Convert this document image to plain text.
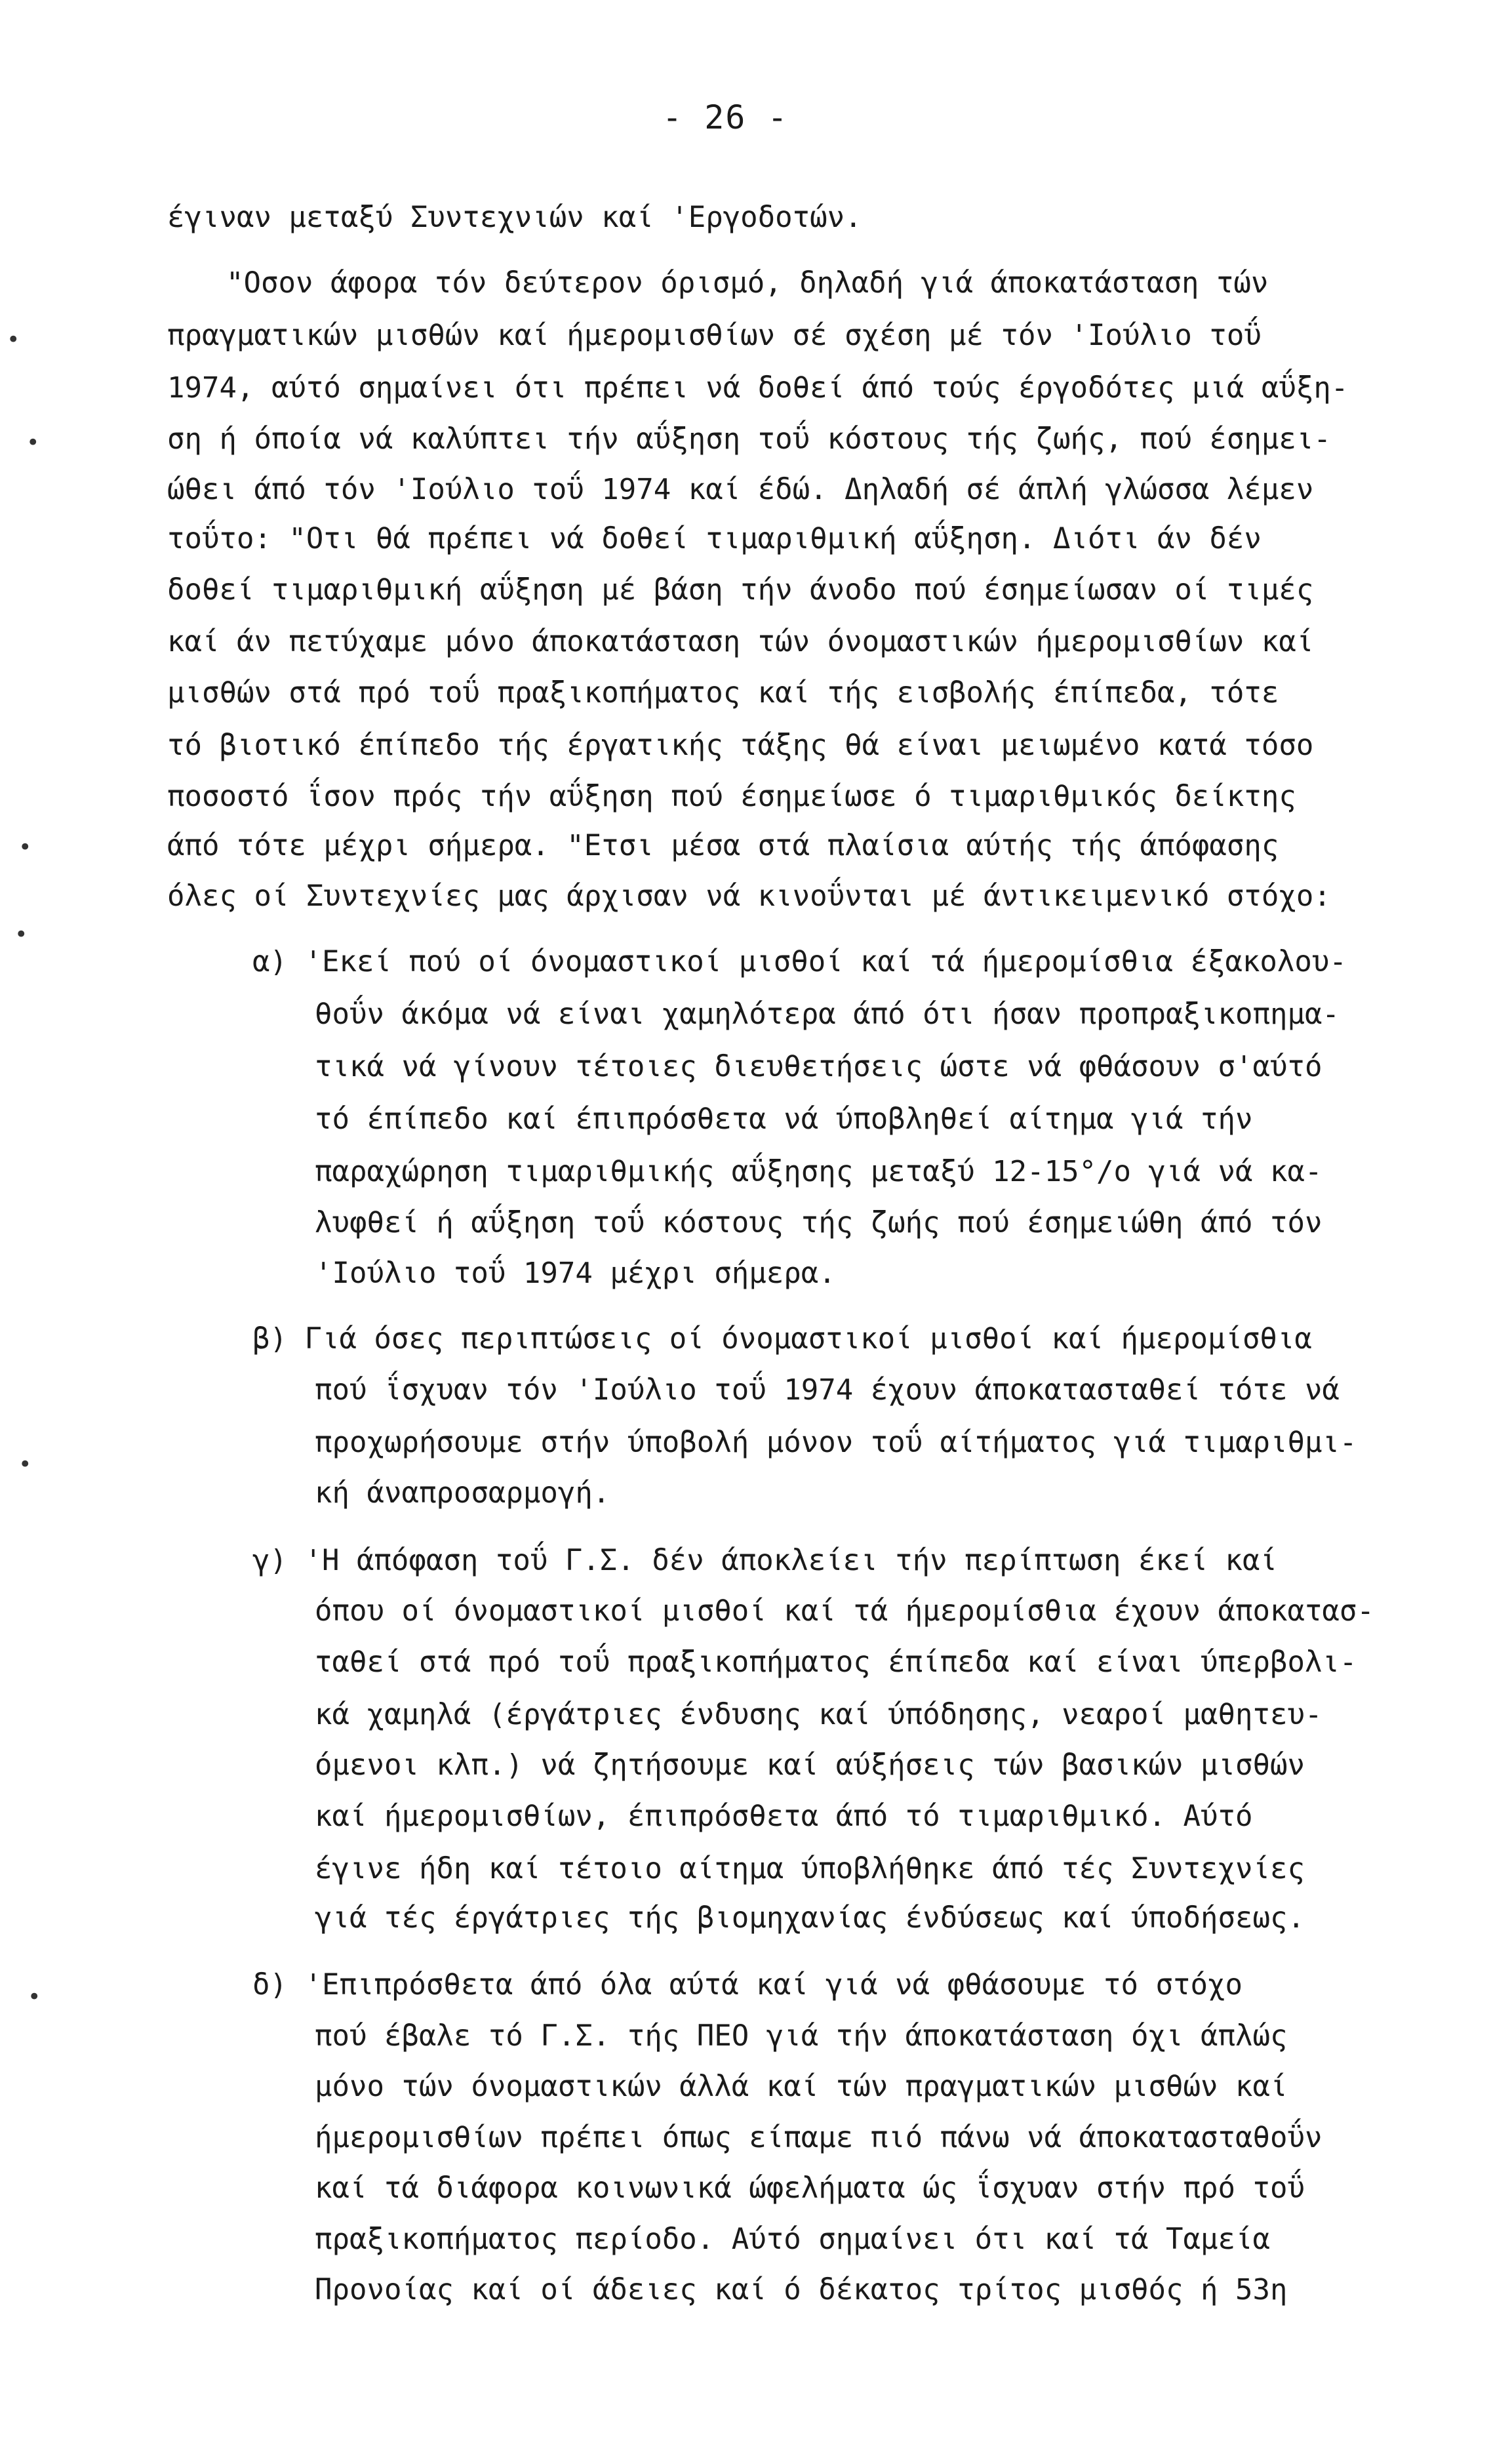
- 26 -
έγιναν μεταξύ Συντεχνιών καί 'Εργοδοτών.
"Οσον άφορα τόν δεύτερον όρισμό, δηλαδή γιά άποκατάσταση τών
πραγματικών μισθών καί ήμερομισθίων σέ σχέση μέ τόν 'Ιούλιο τοΰ
1974, αύτό σημαίνει ότι πρέπει νά δοθεί άπό τούς έργοδότες μιά αΰξη-
ση ή όποία νά καλύπτει τήν αΰξηση τοΰ κόστους τής ζωής, πού έσημει-
ώθει άπό τόν 'Ιούλιο τοΰ 1974 καί έδώ. Δηλαδή σέ άπλή γλώσσα λέμεν
τοΰτο: "Οτι θά πρέπει νά δοθεί τιμαριθμική αΰξηση. Διότι άν δέν
δοθεί τιμαριθμική αΰξηση μέ βάση τήν άνοδο πού έσημείωσαν οί τιμές
καί άν πετύχαμε μόνο άποκατάσταση τών όνομαστικών ήμερομισθίων καί
μισθών στά πρό τοΰ πραξικοπήματος καί τής εισβολής έπίπεδα, τότε
τό βιοτικό έπίπεδο τής έργατικής τάξης θά είναι μειωμένο κατά τόσο
ποσοστό ΐσον πρός τήν αΰξηση πού έσημείωσε ό τιμαριθμικός δείκτης
άπό τότε μέχρι σήμερα. "Ετσι μέσα στά πλαίσια αύτής τής άπόφασης
όλες οί Συντεχνίες μας άρχισαν νά κινοΰνται μέ άντικειμενικό στόχο:
α) 'Εκεί πού οί όνομαστικοί μισθοί καί τά ήμερομίσθια έξακολου-
θοΰν άκόμα νά είναι χαμηλότερα άπό ότι ήσαν προπραξικοπημα-
τικά νά γίνουν τέτοιες διευθετήσεις ώστε νά φθάσουν σ'αύτό
τό έπίπεδο καί έπιπρόσθετα νά ύποβληθεί αίτημα γιά τήν
παραχώρηση τιμαριθμικής αΰξησης μεταξύ 12-15°/ο γιά νά κα-
λυφθεί ή αΰξηση τοΰ κόστους τής ζωής πού έσημειώθη άπό τόν
'Ιούλιο τοΰ 1974 μέχρι σήμερα.
β) Γιά όσες περιπτώσεις οί όνομαστικοί μισθοί καί ήμερομίσθια
πού ΐσχυαν τόν 'Ιούλιο τοΰ 1974 έχουν άποκατασταθεί τότε νά
προχωρήσουμε στήν ύποβολή μόνον τοΰ αίτήματος γιά τιμαριθμι-
κή άναπροσαρμογή.
γ) 'Η άπόφαση τοΰ Γ.Σ. δέν άποκλείει τήν περίπτωση έκεί καί
όπου οί όνομαστικοί μισθοί καί τά ήμερομίσθια έχουν άποκατασ-
ταθεί στά πρό τοΰ πραξικοπήματος έπίπεδα καί είναι ύπερβολι-
κά χαμηλά (έργάτριες ένδυσης καί ύπόδησης, νεαροί μαθητευ-
όμενοι κλπ.) νά ζητήσουμε καί αύξήσεις τών βασικών μισθών
καί ήμερομισθίων, έπιπρόσθετα άπό τό τιμαριθμικό. Αύτό
έγινε ήδη καί τέτοιο αίτημα ύποβλήθηκε άπό τές Συντεχνίες
γιά τές έργάτριες τής βιομηχανίας ένδύσεως καί ύποδήσεως.
δ) 'Επιπρόσθετα άπό όλα αύτά καί γιά νά φθάσουμε τό στόχο
πού έβαλε τό Γ.Σ. τής ΠΕΟ γιά τήν άποκατάσταση όχι άπλώς
μόνο τών όνομαστικών άλλά καί τών πραγματικών μισθών καί
ήμερομισθίων πρέπει όπως είπαμε πιό πάνω νά άποκατασταθοΰν
καί τά διάφορα κοινωνικά ώφελήματα ώς ΐσχυαν στήν πρό τοΰ
πραξικοπήματος περίοδο. Αύτό σημαίνει ότι καί τά Ταμεία
Προνοίας καί οί άδειες καί ό δέκατος τρίτος μισθός ή 53η
•
•
•
•
•
•
